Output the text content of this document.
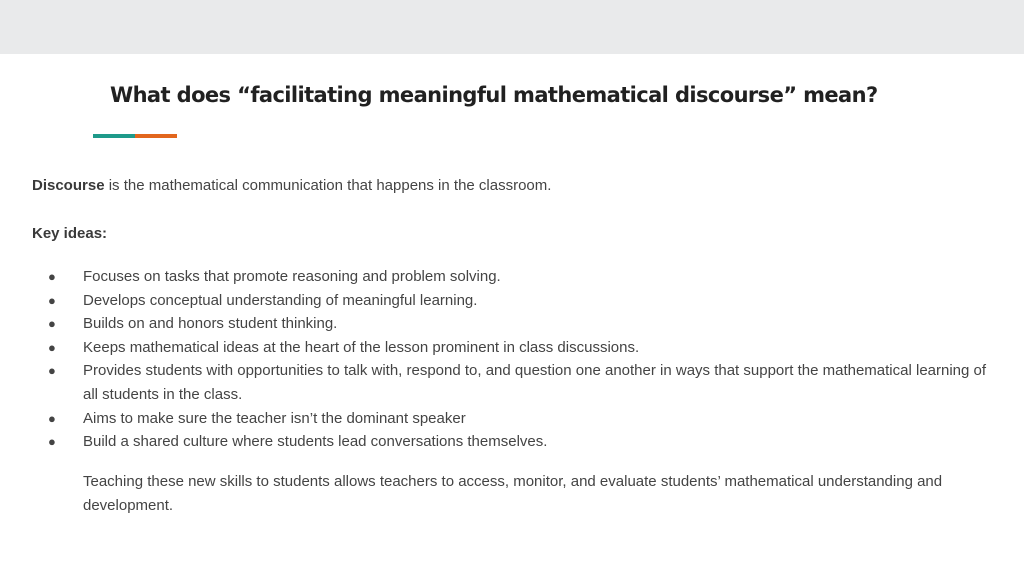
What does “facilitating meaningful mathematical discourse” mean?
Discourse is the mathematical communication that happens in the classroom.
Key ideas:
● Focuses on tasks that promote reasoning and problem solving.
● Develops conceptual understanding of meaningful learning.
● Builds on and honors student thinking.
● Keeps mathematical ideas at the heart of the lesson prominent in class discussions.
● Provides students with opportunities to talk with, respond to, and question one another in ways that support the mathematical learning of all students in the class.
● Aims to make sure the teacher isn’t the dominant speaker
● Build a shared culture where students lead conversations themselves.
Teaching these new skills to students allows teachers to access, monitor, and evaluate students’ mathematical understanding and development.
